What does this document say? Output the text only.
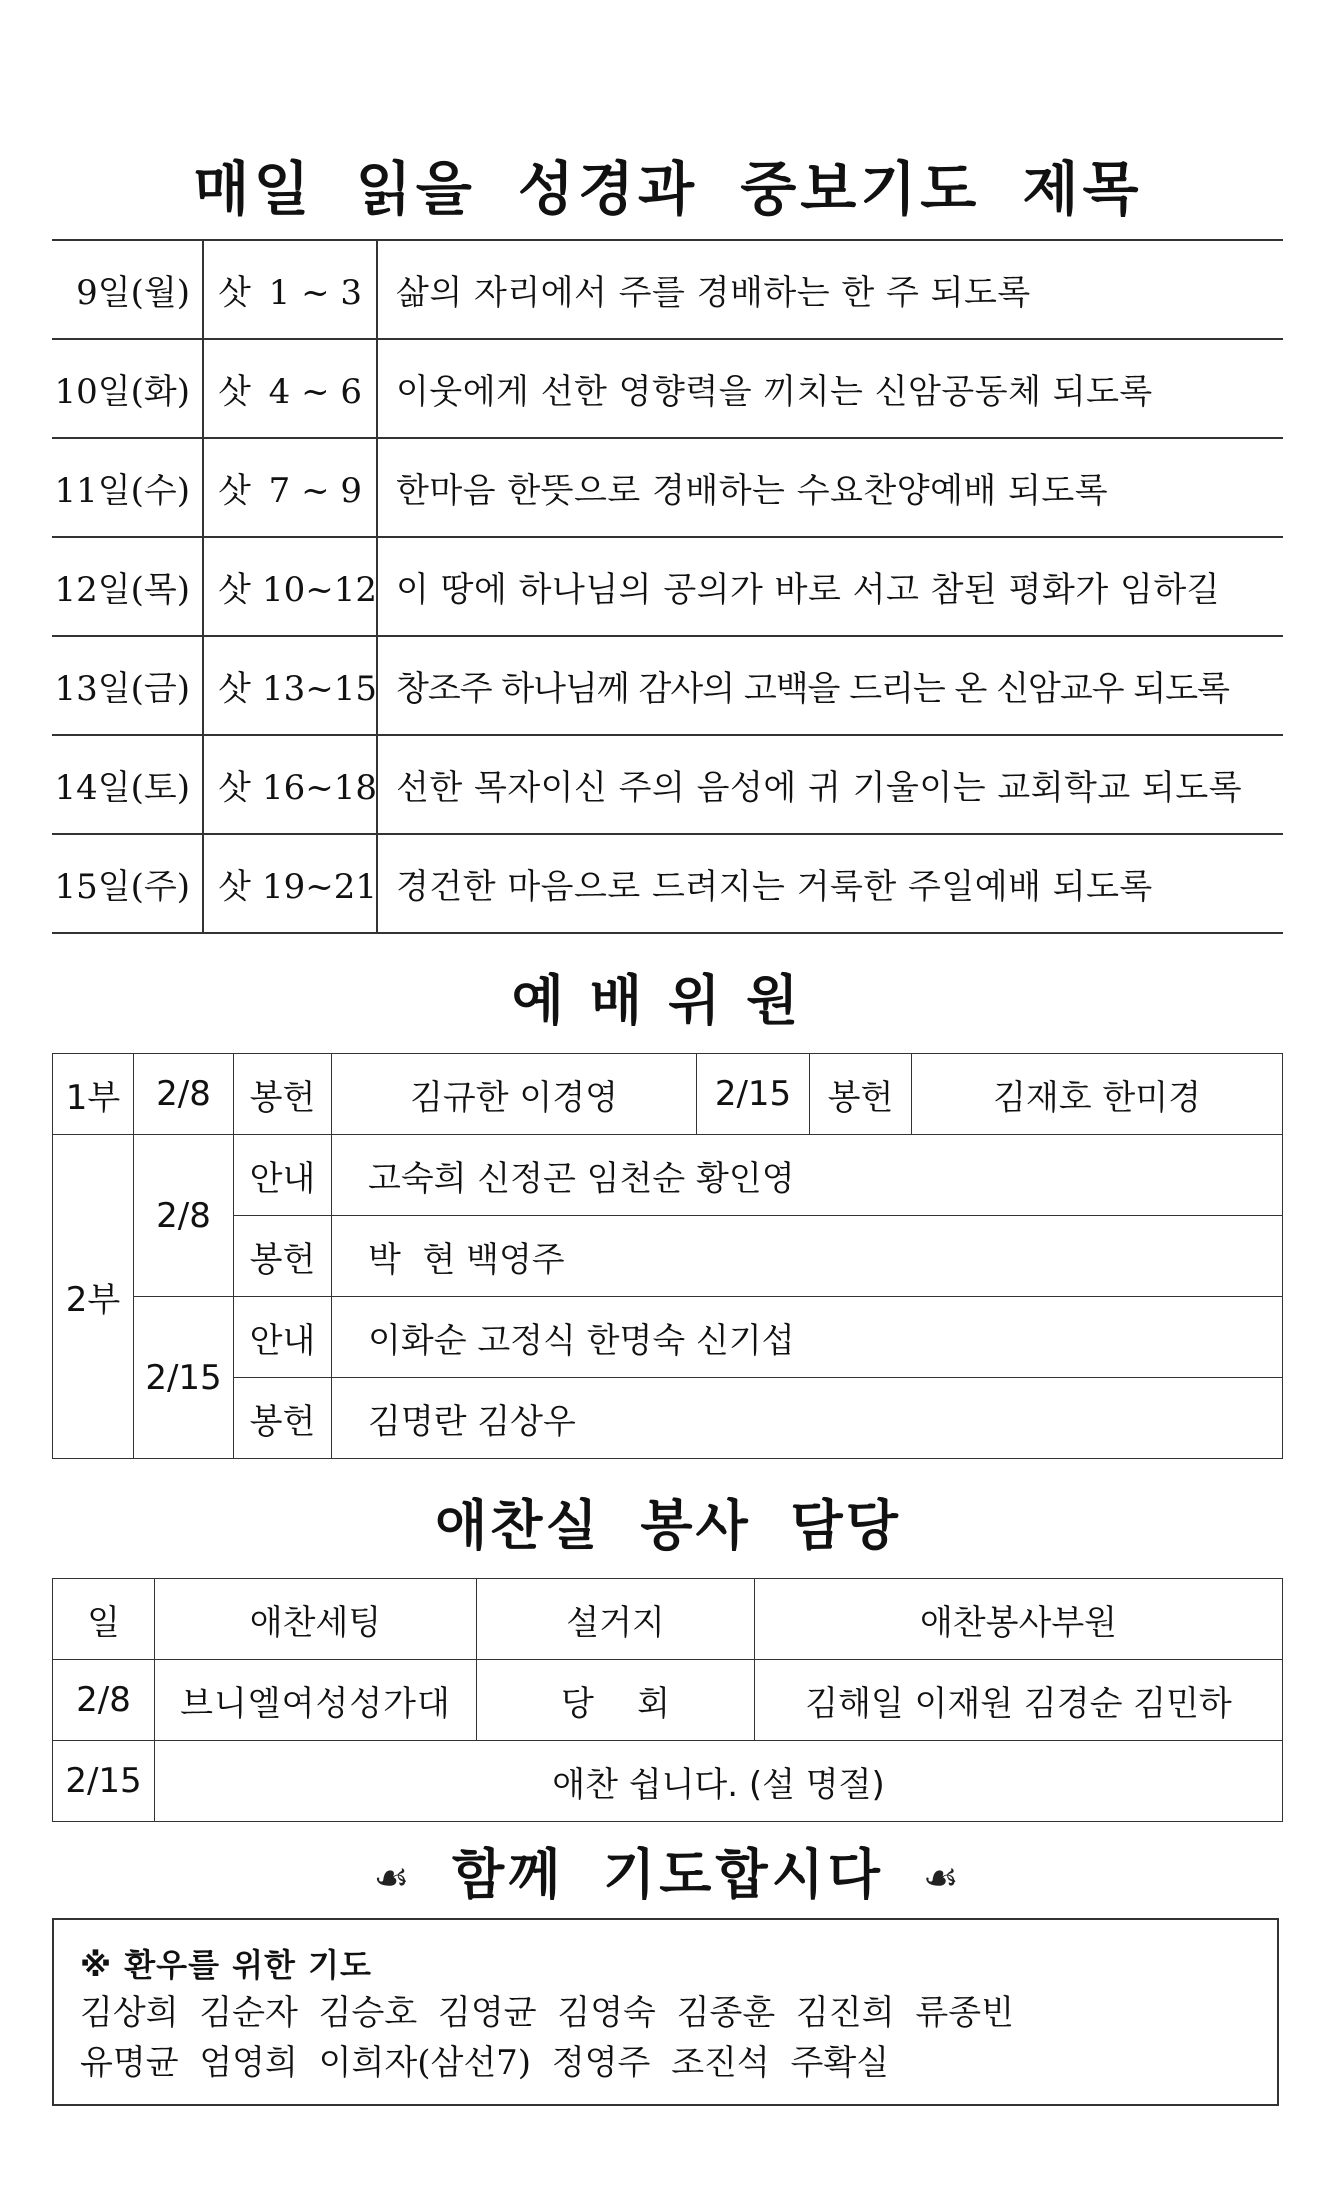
매일 읽을 성경과 중보기도 제목
9일(월)	삿 1 ~ 3	삶의 자리에서 주를 경배하는 한 주 되도록
10일(화)	삿 4 ~ 6	이웃에게 선한 영향력을 끼치는 신암공동체 되도록
11일(수)	삿 7 ~ 9	한마음 한뜻으로 경배하는 수요찬양예배 되도록
12일(목)	삿 10~12	이 땅에 하나님의 공의가 바로 서고 참된 평화가 임하길
13일(금)	삿 13~15	창조주 하나님께 감사의 고백을 드리는 온 신암교우 되도록
14일(토)	삿 16~18	선한 목자이신 주의 음성에 귀 기울이는 교회학교 되도록
15일(주)	삿 19~21	경건한 마음으로 드려지는 거룩한 주일예배 되도록
예배위원
1부	2/8	봉헌	김규한 이경영	2/15	봉헌	김재호 한미경
2부	2/8	안내	고숙희 신정곤 임천순 황인영			
		봉헌	박  현 백영주			
	2/15	안내	이화순 고정식 한명숙 신기섭			
		봉헌	김명란 김상우			
애찬실 봉사 담당
일	애찬세팅	설거지	애찬봉사부원
2/8	브니엘여성성가대	당    회	김해일 이재원 김경순 김민하
2/15	애찬 쉽니다. (설 명절)		
☙ 함께 기도합시다 ☙
※ 환우를 위한 기도
김상희 김순자 김승호 김영균 김영숙 김종훈 김진희 류종빈
유명균 엄영희 이희자(삼선7) 정영주 조진석 주확실
